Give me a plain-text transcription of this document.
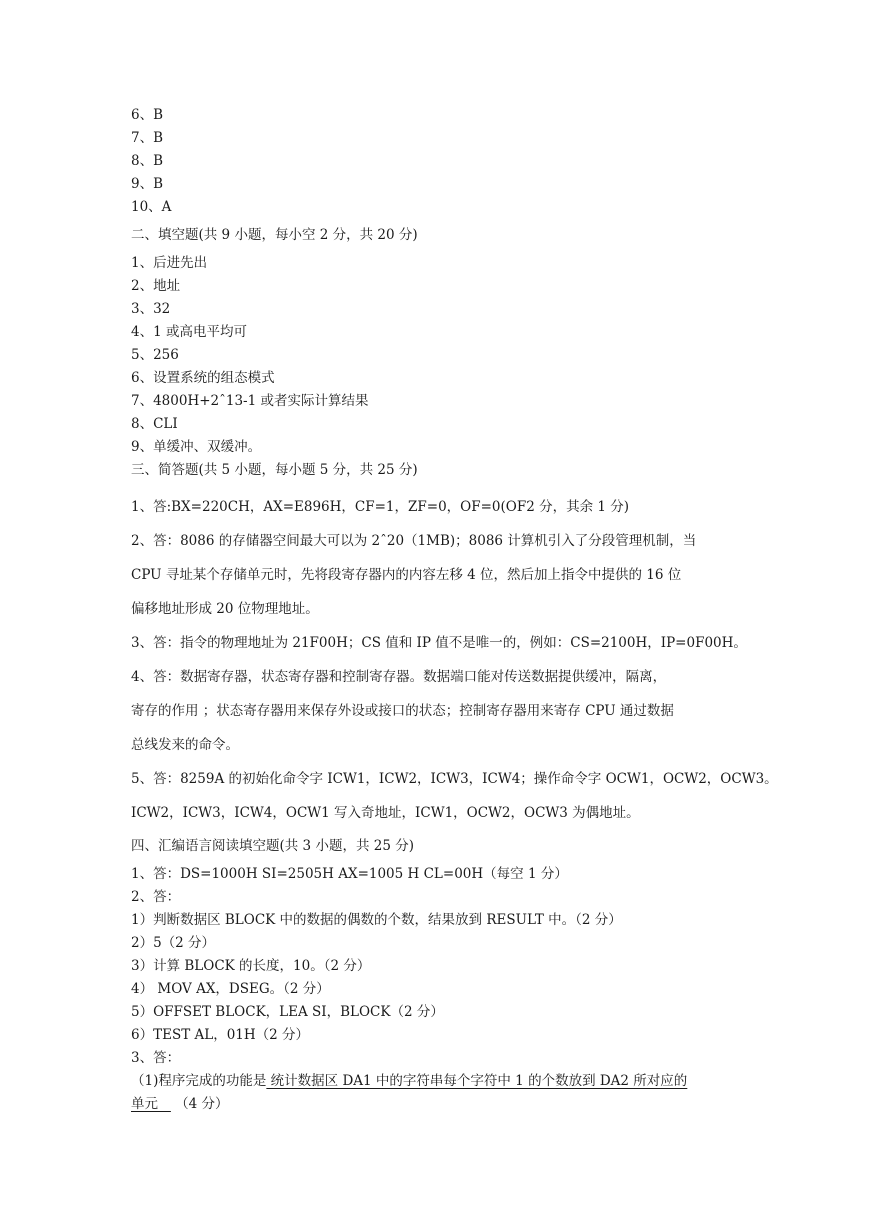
6、B

7、B

8、B

9、B

10、A

二、填空题(共 9 小题，每小空 2 分，共 20 分)

1、后进先出

2、地址

3、32

4、1 或高电平均可

5、256

6、设置系统的组态模式

7、4800H+2ˆ13-1 或者实际计算结果

8、CLI

9、单缓冲、双缓冲。

三、简答题(共 5 小题，每小题 5 分，共 25 分)

1、答:BX=220CH，AX=E896H，CF=1，ZF=0，OF=0(OF2 分，其余 1 分)
2、答：8086 的存储器空间最大可以为 2ˆ20（1MB)；8086 计算机引入了分段管理机制，当
CPU 寻址某个存储单元时，先将段寄存器内的内容左移 4 位，然后加上指令中提供的 16 位
偏移地址形成 20 位物理地址。
3、答：指令的物理地址为 21F00H；CS 值和 IP 值不是唯一的，例如：CS=2100H，IP=0F00H。
4、答：数据寄存器，状态寄存器和控制寄存器。数据端口能对传送数据提供缓冲，隔离，
寄存的作用 ；状态寄存器用来保存外设或接口的状态；控制寄存器用来寄存 CPU 通过数据
总线发来的命令。
5、答：8259A 的初始化命令字 ICW1，ICW2，ICW3，ICW4；操作命令字 OCW1，OCW2，OCW3。
ICW2，ICW3，ICW4，OCW1 写入奇地址，ICW1，OCW2，OCW3 为偶地址。

四、汇编语言阅读填空题(共 3 小题，共 25 分)

1、答：DS=1000H SI=2505H AX=1005 H CL=00H（每空 1 分）

2、答：

1）判断数据区 BLOCK 中的数据的偶数的个数，结果放到 RESULT 中。（2 分）

2）5（2 分）

3）计算 BLOCK 的长度，10。（2 分）

4） MOV AX，DSEG。（2 分）

5）OFFSET BLOCK，LEA SI，BLOCK（2 分）

6）TEST AL，01H（2 分）

3、答：

（1)程序完成的功能是 统计数据区 DA1 中的字符串每个字符中 1 的个数放到 DA2 所对应的

单元    （4 分）
